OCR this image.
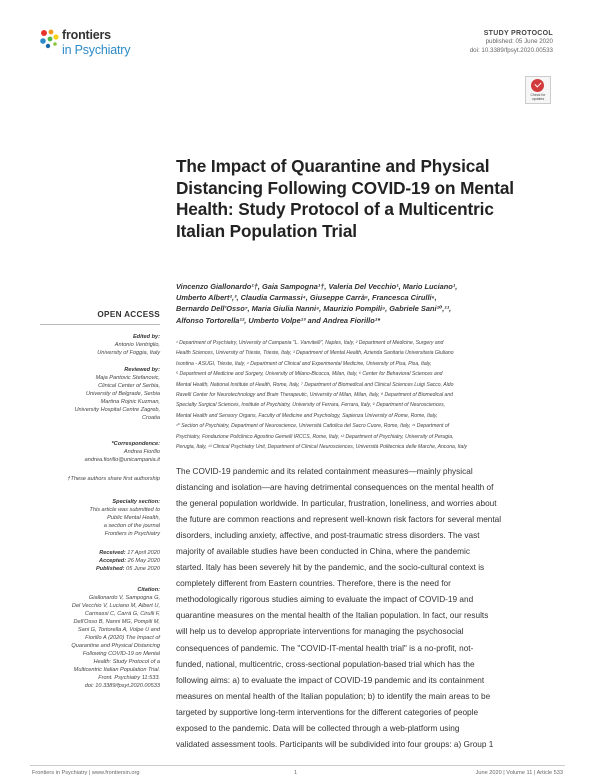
frontiers
in Psychiatry
STUDY PROTOCOL
published: 05 June 2020
doi: 10.3389/fpsyt.2020.00533
Check for updates
The Impact of Quarantine and Physical Distancing Following COVID-19 on Mental Health: Study Protocol of a Multicentric Italian Population Trial
Vincenzo Giallonardo¹†, Gaia Sampogna¹†, Valeria Del Vecchio¹, Mario Luciano¹,
Umberto Albert²,³, Claudia Carmassi⁴, Giuseppe Carrà⁵, Francesca Cirulli⁶,
Bernardo Dell'Osso⁷, Maria Giulia Nanni⁸, Maurizio Pompili⁹, Gabriele Sani¹⁰,¹¹,
Alfonso Tortorella¹², Umberto Volpe¹³ and Andrea Fiorillo¹*
¹ Department of Psychiatry, University of Campania "L. Vanvitelli", Naples, Italy, ² Department of Medicine, Surgery and
Health Sciences, University of Trieste, Trieste, Italy, ³ Department of Mental Health, Azienda Sanitaria Universitaria Giuliano
Isontina - ASUGI, Trieste, Italy, ⁴ Department of Clinical and Experimental Medicine, University of Pisa, Pisa, Italy,
⁵ Department of Medicine and Surgery, University of Milano-Bicocca, Milan, Italy, ⁶ Center for Behavioral Sciences and
Mental Health, National Institute of Health, Rome, Italy, ⁷ Department of Biomedical and Clinical Sciences Luigi Sacco, Aldo
Ravelli Center for Neurotechnology and Brain Therapeutic, University of Milan, Milan, Italy, ⁸ Department of Biomedical and
Specialty Surgical Sciences, Institute of Psychiatry, University of Ferrara, Ferrara, Italy, ⁹ Department of Neurosciences,
Mental Health and Sensory Organs, Faculty of Medicine and Psychology, Sapienza University of Rome, Rome, Italy,
¹⁰ Section of Psychiatry, Department of Neuroscience, Università Cattolica del Sacro Cuore, Rome, Italy, ¹¹ Department of
Psychiatry, Fondazione Policlinico Agostino Gemelli IRCCS, Rome, Italy, ¹² Department of Psychiatry, University of Perugia,
Perugia, Italy, ¹³ Clinical Psychiatry Unit, Department of Clinical Neurosciences, Università Politecnica delle Marche, Ancona, Italy
OPEN ACCESS
Edited by:
Antonio Ventriglio,
University of Foggia, Italy
Reviewed by:
Maja Pantovic Stefanovic,
Clinical Center of Serbia,
University of Belgrade, Serbia
Martina Rojnic Kuzman,
University Hospital Centre Zagreb,
Croatia
*Correspondence:
Andrea Fiorillo
andrea.fiorillo@unicampania.it
†These authors share first authorship
Specialty section:
This article was submitted to
Public Mental Health,
a section of the journal
Frontiers in Psychiatry
Received: 17 April 2020
Accepted: 26 May 2020
Published: 05 June 2020
Citation:
Giallonardo V, Sampogna G,
Del Vecchio V, Luciano M, Albert U,
Carmassi C, Carrà G, Cirulli F,
Dell'Osso B, Nanni MG, Pompili M,
Sani G, Tortorella A, Volpe U and
Fiorillo A (2020) The Impact of
Quarantine and Physical Distancing
Following COVID-19 on Mental
Health: Study Protocol of a
Multicentric Italian Population Trial.
Front. Psychiatry 11:533.
doi: 10.3389/fpsyt.2020.00533
The COVID-19 pandemic and its related containment measures—mainly physical
distancing and isolation—are having detrimental consequences on the mental health of
the general population worldwide. In particular, frustration, loneliness, and worries about
the future are common reactions and represent well-known risk factors for several mental
disorders, including anxiety, affective, and post-traumatic stress disorders. The vast
majority of available studies have been conducted in China, where the pandemic
started. Italy has been severely hit by the pandemic, and the socio-cultural context is
completely different from Eastern countries. Therefore, there is the need for
methodologically rigorous studies aiming to evaluate the impact of COVID-19 and
quarantine measures on the mental health of the Italian population. In fact, our results
will help us to develop appropriate interventions for managing the psychosocial
consequences of pandemic. The "COVID-IT-mental health trial" is a no-profit, not-
funded, national, multicentric, cross-sectional population-based trial which has the
following aims: a) to evaluate the impact of COVID-19 pandemic and its containment
measures on mental health of the Italian population; b) to identify the main areas to be
targeted by supportive long-term interventions for the different categories of people
exposed to the pandemic. Data will be collected through a web-platform using
validated assessment tools. Participants will be subdivided into four groups: a) Group 1
Frontiers in Psychiatry | www.frontiersin.org	1	June 2020 | Volume 11 | Article 533
